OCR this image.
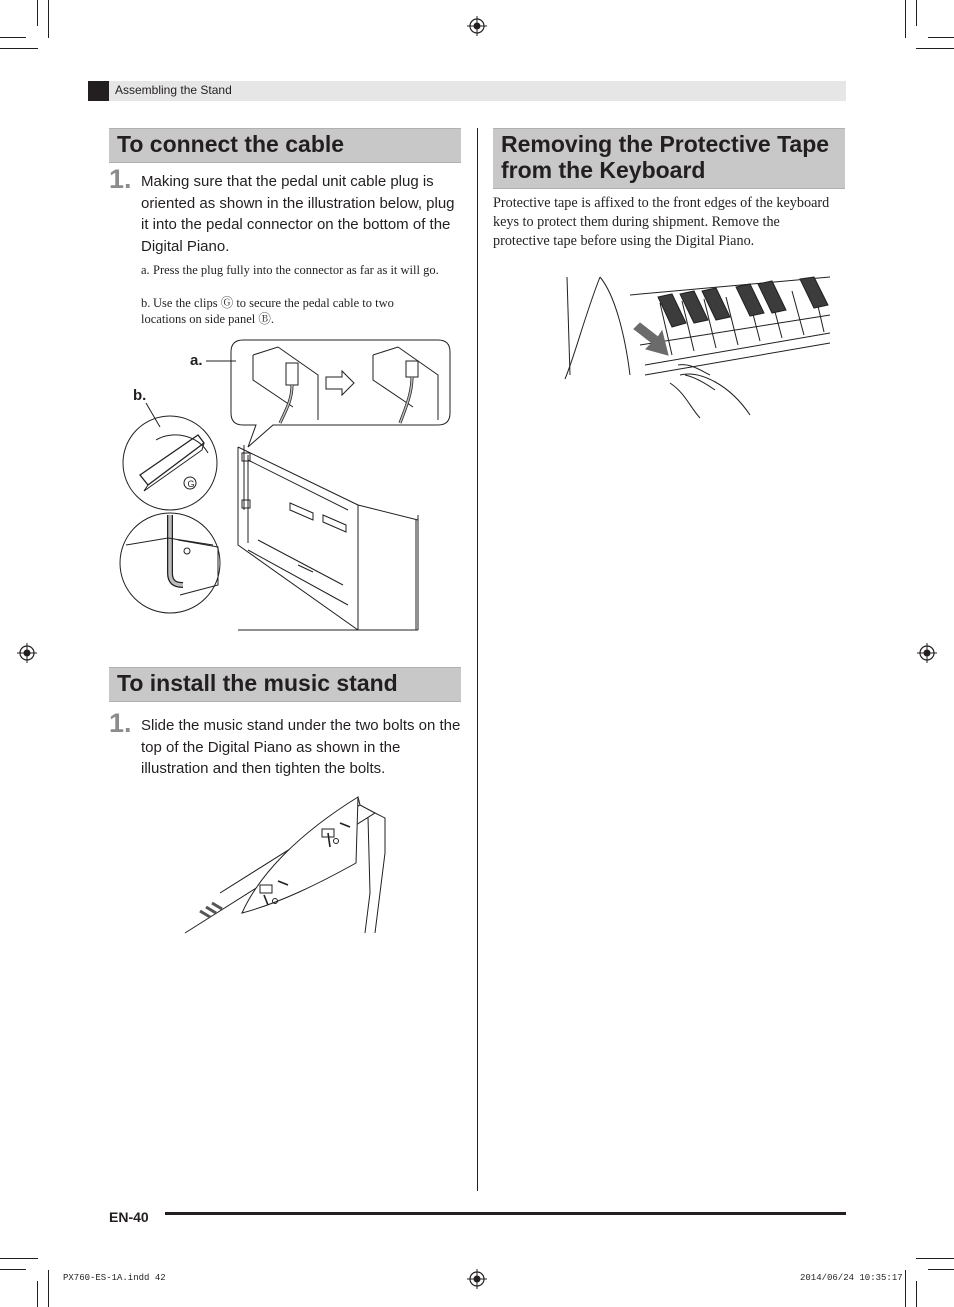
Assembling the Stand
To connect the cable
1. Making sure that the pedal unit cable plug is oriented as shown in the illustration below, plug it into the pedal connector on the bottom of the Digital Piano.
a. Press the plug fully into the connector as far as it will go.
b. Use the clips Ⓖ to secure the pedal cable to two locations on side panel Ⓑ.
a.
b.
G
To install the music stand
1. Slide the music stand under the two bolts on the top of the Digital Piano as shown in the illustration and then tighten the bolts.
Removing the Protective Tape from the Keyboard
Protective tape is affixed to the front edges of the keyboard keys to protect them during shipment. Remove the protective tape before using the Digital Piano.
EN-40
PX760-ES-1A.indd 42	2014/06/24 10:35:17
